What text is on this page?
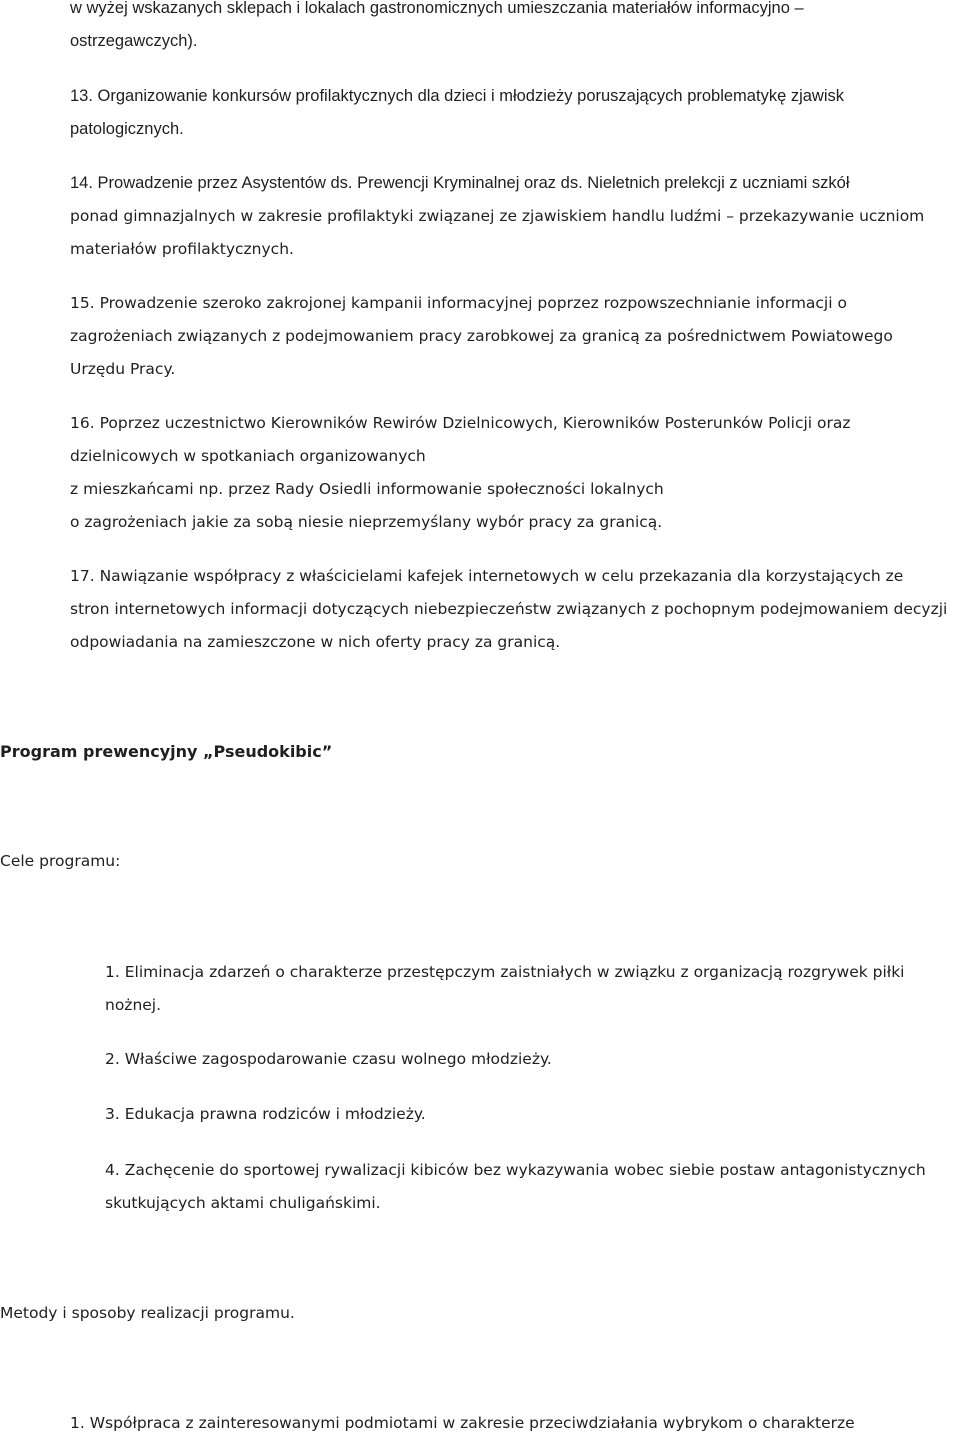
w wyżej wskazanych sklepach i lokalach gastronomicznych umieszczania materiałów informacyjno –
ostrzegawczych).

13. Organizowanie konkursów profilaktycznych dla dzieci i młodzieży poruszających problematykę zjawisk
patologicznych.

14. Prowadzenie przez Asystentów ds. Prewencji Kryminalnej oraz ds. Nieletnich prelekcji z uczniami szkół
ponad gimnazjalnych w zakresie profilaktyki związanej ze zjawiskiem handlu ludźmi – przekazywanie uczniom
materiałów profilaktycznych.

15. Prowadzenie szeroko zakrojonej kampanii informacyjnej poprzez rozpowszechnianie informacji o
zagrożeniach związanych z podejmowaniem pracy zarobkowej za granicą za pośrednictwem Powiatowego
Urzędu Pracy.

16. Poprzez uczestnictwo Kierowników Rewirów Dzielnicowych, Kierowników Posterunków Policji oraz
dzielnicowych w spotkaniach organizowanych
z mieszkańcami np. przez Rady Osiedli informowanie społeczności lokalnych
o zagrożeniach jakie za sobą niesie nieprzemyślany wybór pracy za granicą.

17. Nawiązanie współpracy z właścicielami kafejek internetowych w celu przekazania dla korzystających ze
stron internetowych informacji dotyczących niebezpieczeństw związanych z pochopnym podejmowaniem decyzji
odpowiadania na zamieszczone w nich oferty pracy za granicą.

Program prewencyjny „Pseudokibic”

Cele programu:

1. Eliminacja zdarzeń o charakterze przestępczym zaistniałych w związku z organizacją rozgrywek piłki
nożnej.

2. Właściwe zagospodarowanie czasu wolnego młodzieży.

3. Edukacja prawna rodziców i młodzieży.

4. Zachęcenie do sportowej rywalizacji kibiców bez wykazywania wobec siebie postaw antagonistycznych
skutkujących aktami chuligańskimi.

Metody i sposoby realizacji programu.

1. Współpraca z zainteresowanymi podmiotami w zakresie przeciwdziałania wybrykom o charakterze
